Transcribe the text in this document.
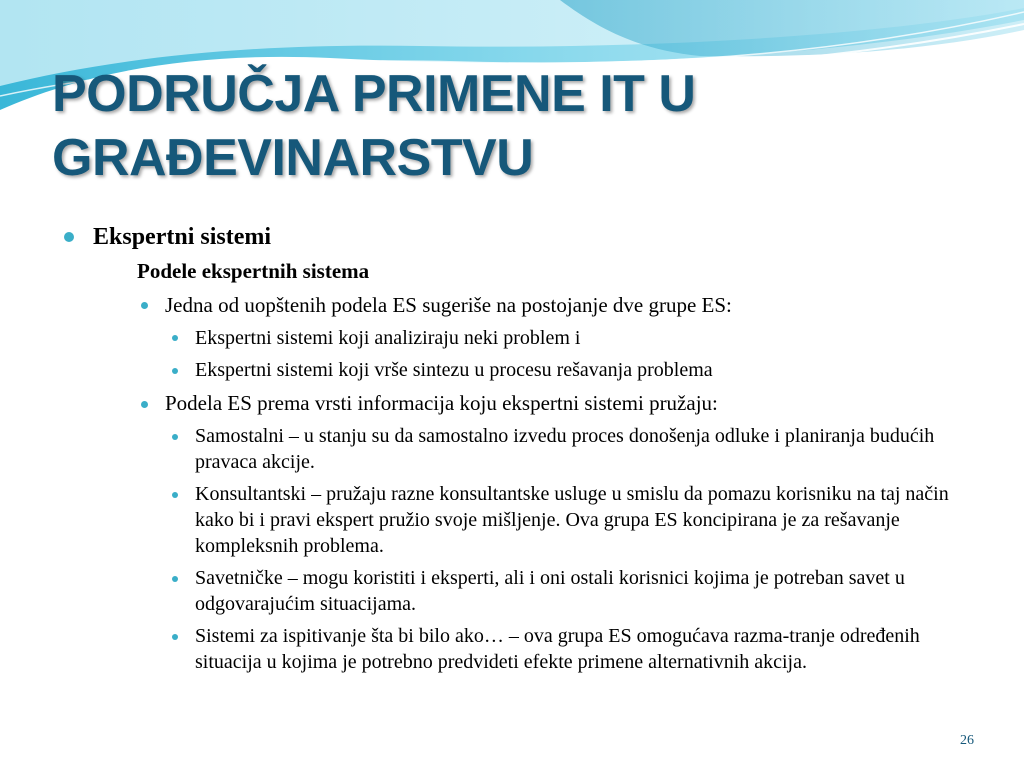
PODRUČJA PRIMENE IT U
GRAĐEVINARSTVU

Ekspertni sistemi

Podele ekspertnih sistema

Jedna od uopštenih podela ES sugeriše na postojanje dve grupe ES:

Ekspertni sistemi koji analiziraju neki problem i

Ekspertni sistemi koji vrše sintezu u procesu rešavanja problema

Podela ES prema vrsti informacija koju ekspertni sistemi pružaju:

Samostalni – u stanju su da samostalno izvedu proces donošenja odluke i planiranja budućih pravaca akcije.

Konsultantski – pružaju razne konsultantske usluge u smislu da pomazu korisniku na taj način kako bi i pravi ekspert pružio svoje mišljenje. Ova grupa ES koncipirana je za rešavanje kompleksnih problema.

Savetničke – mogu koristiti i eksperti, ali i oni ostali korisnici kojima je potreban savet u odgovarajućim situacijama.

Sistemi za ispitivanje šta bi bilo ako… – ova grupa ES omogućava razma-tranje određenih situacija u kojima je potrebno predvideti efekte primene alternativnih akcija.

26
